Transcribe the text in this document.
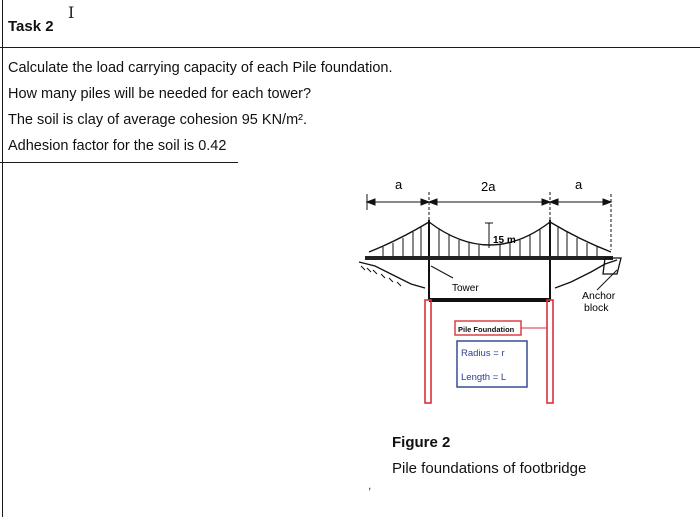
Task 2
I
Calculate the load carrying capacity of each Pile foundation.
How many piles will be needed for each tower?
The soil is clay of average cohesion 95 KN/m².
Adhesion factor for the soil is 0.42
,
a	2a	a
15 m
Tower
Anchor
block
Pile Foundation
Radius = r
Length = L
Figure 2
Pile foundations of footbridge
